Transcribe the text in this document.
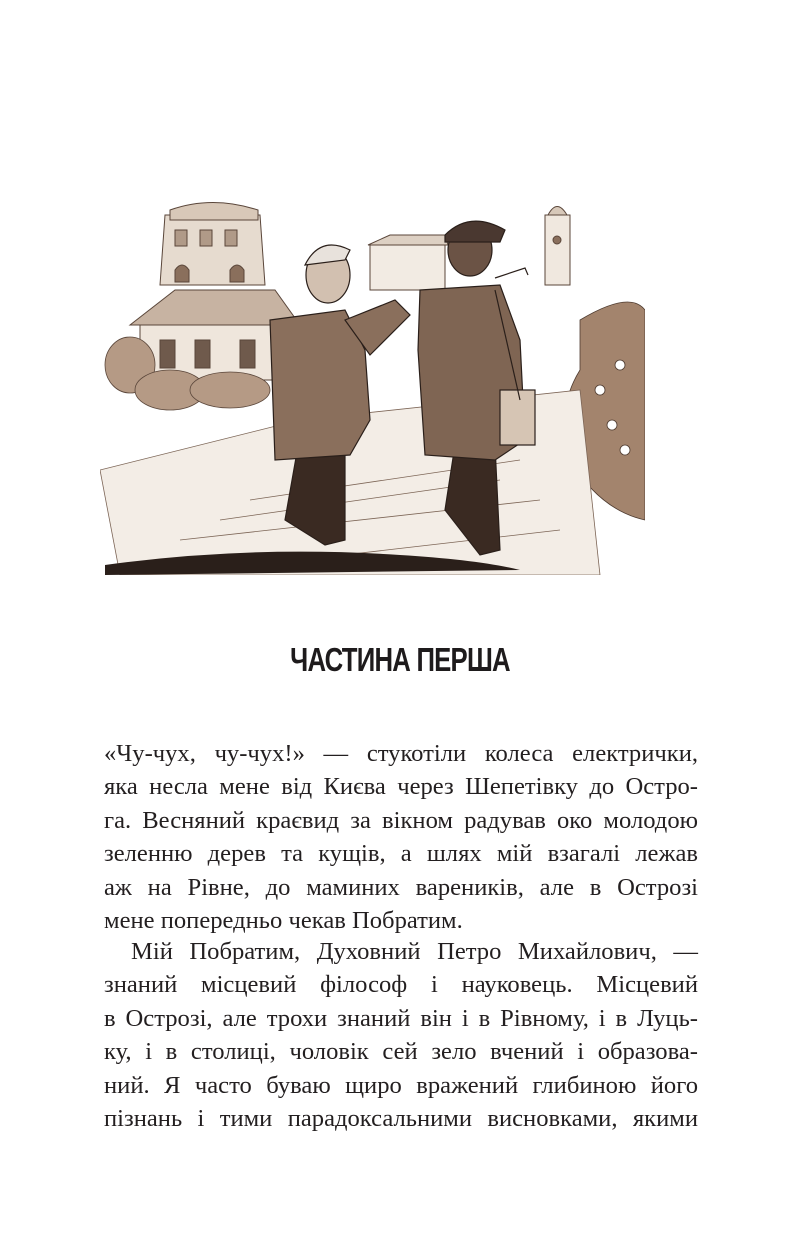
ЧАСТИНА ПЕРША
«Чу-чух, чу-чух!» — стукотіли колеса електрички,
яка несла мене від Києва через Шепетівку до Остро-
га. Весняний краєвид за вікном радував око молодою
зеленню дерев та кущів, а шлях мій взагалі лежав
аж на Рівне, до маминих вареників, але в Острозі
мене попередньо чекав Побратим.
Мій Побратим, Духовний Петро Михайлович, —
знаний місцевий філософ і науковець. Місцевий
в Острозі, але трохи знаний він і в Рівному, і в Луць-
ку, і в столиці, чоловік сей зело вчений і образова-
ний. Я часто буваю щиро вражений глибиною його
пізнань і тими парадоксальними висновками, якими
